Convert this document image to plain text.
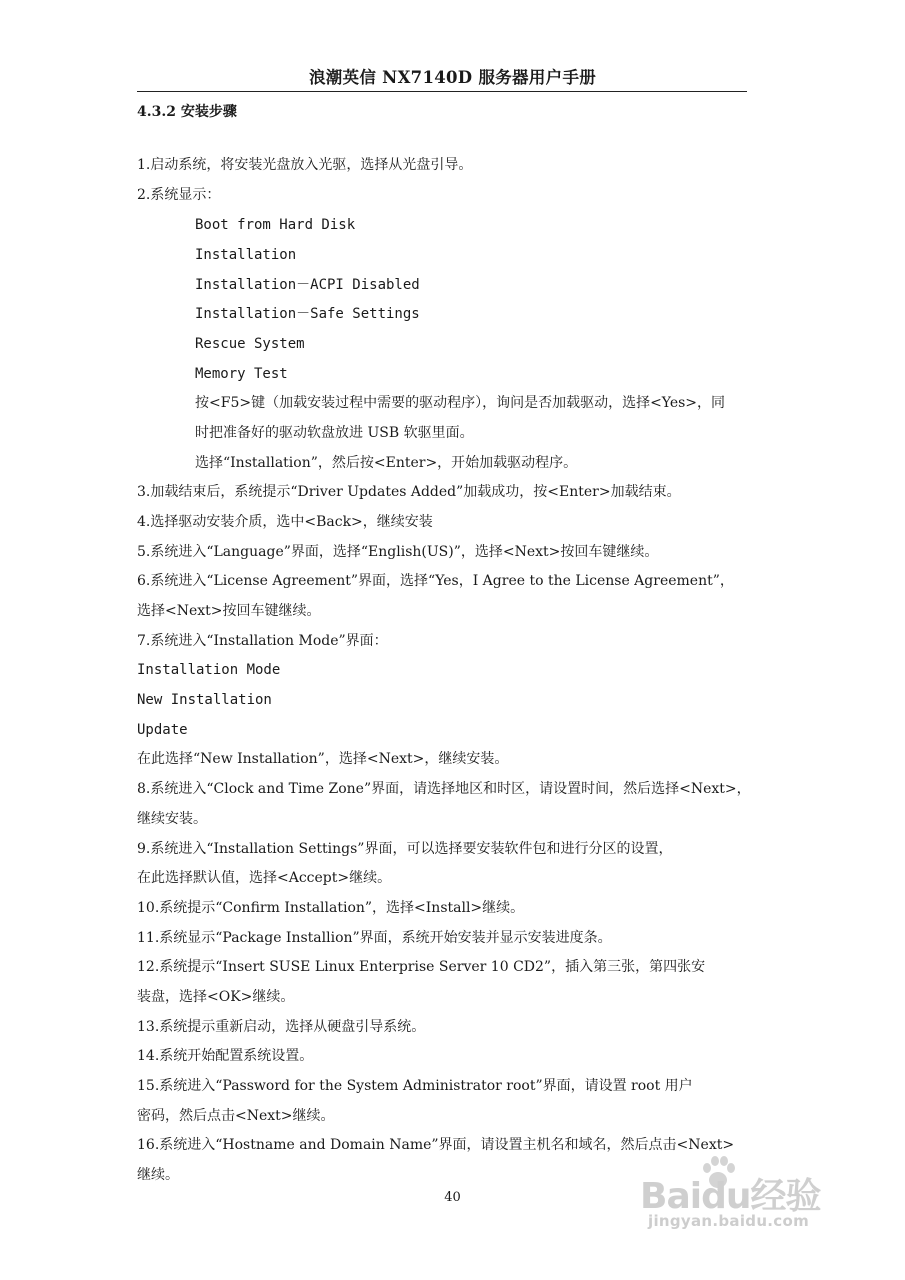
浪潮英信 NX7140D 服务器用户手册
4.3.2 安装步骤
1.启动系统，将安装光盘放入光驱，选择从光盘引导。
2.系统显示：
Boot from Hard Disk
Installation
Installation－ACPI Disabled
Installation－Safe Settings
Rescue System
Memory Test
按<F5>键（加载安装过程中需要的驱动程序），询问是否加载驱动，选择<Yes>，同
时把准备好的驱动软盘放进 USB 软驱里面。
选择“Installation”，然后按<Enter>，开始加载驱动程序。
3.加载结束后，系统提示“Driver Updates Added”加载成功，按<Enter>加载结束。
4.选择驱动安装介质，选中<Back>，继续安装
5.系统进入“Language”界面，选择“English(US)”，选择<Next>按回车键继续。
6.系统进入“License Agreement”界面，选择“Yes，I Agree to the License Agreement”，
选择<Next>按回车键继续。
7.系统进入“Installation Mode”界面：
Installation Mode
New Installation
Update
在此选择“New Installation”，选择<Next>，继续安装。
8.系统进入“Clock and Time Zone”界面，请选择地区和时区，请设置时间，然后选择<Next>，
继续安装。
9.系统进入“Installation Settings”界面，可以选择要安装软件包和进行分区的设置，
在此选择默认值，选择<Accept>继续。
10.系统提示“Confirm Installation”，选择<Install>继续。
11.系统显示“Package Installion”界面，系统开始安装并显示安装进度条。
12.系统提示“Insert SUSE Linux Enterprise Server 10 CD2”，插入第三张，第四张安
装盘，选择<OK>继续。
13.系统提示重新启动，选择从硬盘引导系统。
14.系统开始配置系统设置。
15.系统进入“Password for the System Administrator root”界面，请设置 root 用户
密码，然后点击<Next>继续。
16.系统进入“Hostname and Domain Name”界面，请设置主机名和域名，然后点击<Next>
继续。
40	Baidu经验
jingyan.baidu.com
